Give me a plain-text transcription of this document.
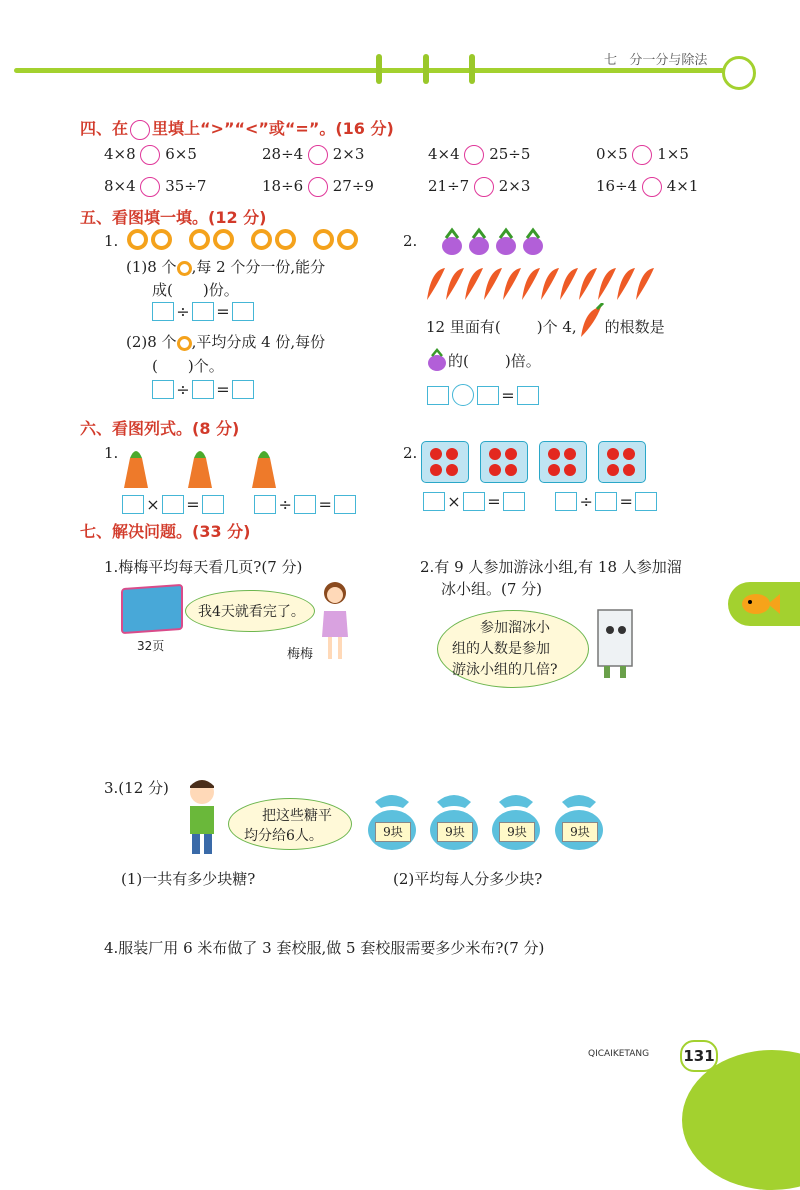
七 分一分与除法
四、在 里填上“>”“<”或“=”。(16 分)
4×8 6×5	28÷4 2×3	4×4 25÷5	0×5 1×5
8×4 35÷7	18÷6 27÷9	21÷7 2×3	16÷4 4×1
五、看图填一填。(12 分)
1.

(1)8 个 ,每 2 个分一份,能分
成( )份。
÷ =
(2)8 个 ,平均分成 4 份,每份
( )个。
÷ =
2.
12 里面有( )个 4, 的根数是
的( )倍。
=
六、看图列式。(8 分)
1.
× =	÷ =
2.
× =	÷ =
七、解决问题。(33 分)
1.梅梅平均每天看几页?(7 分)
32页
我4天就看完了。
梅梅
2.有 9 人参加游泳小组,有 18 人参加溜
冰小组。(7 分)
参加溜冰小
组的人数是参加
游泳小组的几倍?
3.(12 分)
把这些糖平
均分给6人。	9块	9块	9块	9块
(1)一共有多少块糖?	(2)平均每人分多少块?
4.服装厂用 6 米布做了 3 套校服,做 5 套校服需要多少米布?(7 分)
QICAIKETANG 131
